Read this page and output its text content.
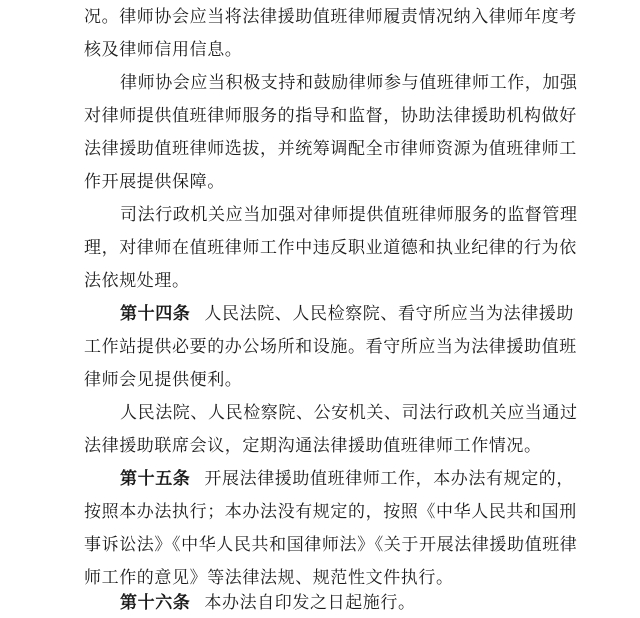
况。律师协会应当将法律援助值班律师履责情况纳入律师年度考
核及律师信用信息。
律师协会应当积极支持和鼓励律师参与值班律师工作，加强
对律师提供值班律师服务的指导和监督，协助法律援助机构做好
法律援助值班律师选拔，并统筹调配全市律师资源为值班律师工
作开展提供保障。
司法行政机关应当加强对律师提供值班律师服务的监督管理
理，对律师在值班律师工作中违反职业道德和执业纪律的行为依
法依规处理。
第十四条 人民法院、人民检察院、看守所应当为法律援助
工作站提供必要的办公场所和设施。看守所应当为法律援助值班
律师会见提供便利。
人民法院、人民检察院、公安机关、司法行政机关应当通过
法律援助联席会议，定期沟通法律援助值班律师工作情况。
第十五条 开展法律援助值班律师工作，本办法有规定的，
按照本办法执行；本办法没有规定的，按照《中华人民共和国刑
事诉讼法》《中华人民共和国律师法》《关于开展法律援助值班律
师工作的意见》等法律法规、规范性文件执行。
第十六条 本办法自印发之日起施行。
